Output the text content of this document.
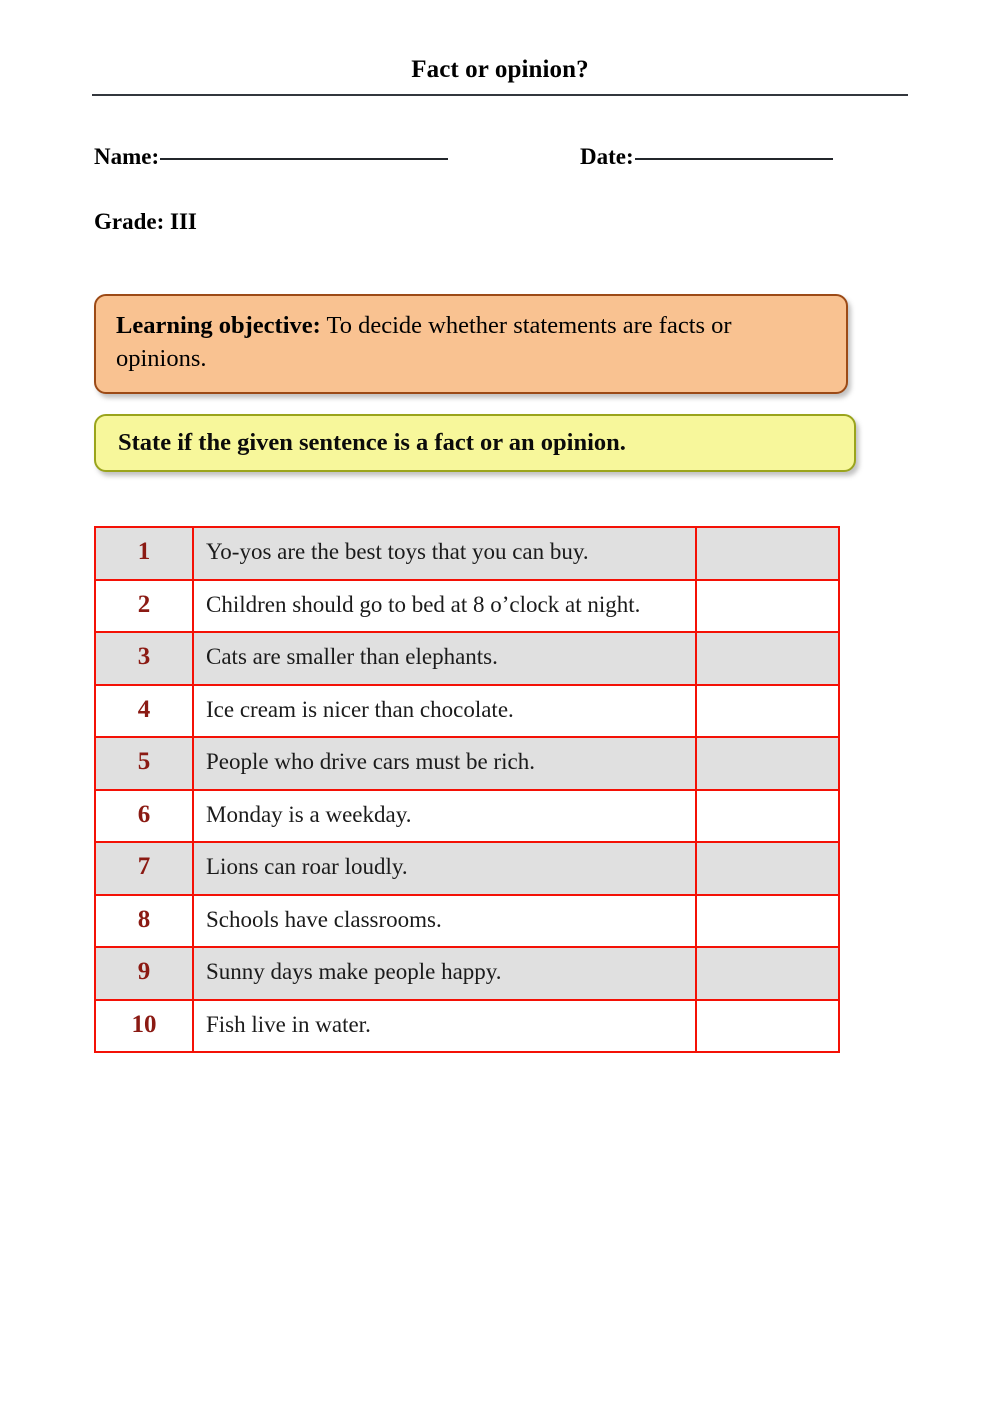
Fact or opinion?
Name:	Date:
Grade: III
Learning objective: To decide whether statements are facts or opinions.
State if the given sentence is a fact or an opinion.
1	Yo-yos are the best toys that you can buy.	
2	Children should go to bed at 8 o’clock at night.	
3	Cats are smaller than elephants.	
4	Ice cream is nicer than chocolate.	
5	People who drive cars must be rich.	
6	Monday is a weekday.	
7	Lions can roar loudly.	
8	Schools have classrooms.	
9	Sunny days make people happy.	
10	Fish live in water.	
